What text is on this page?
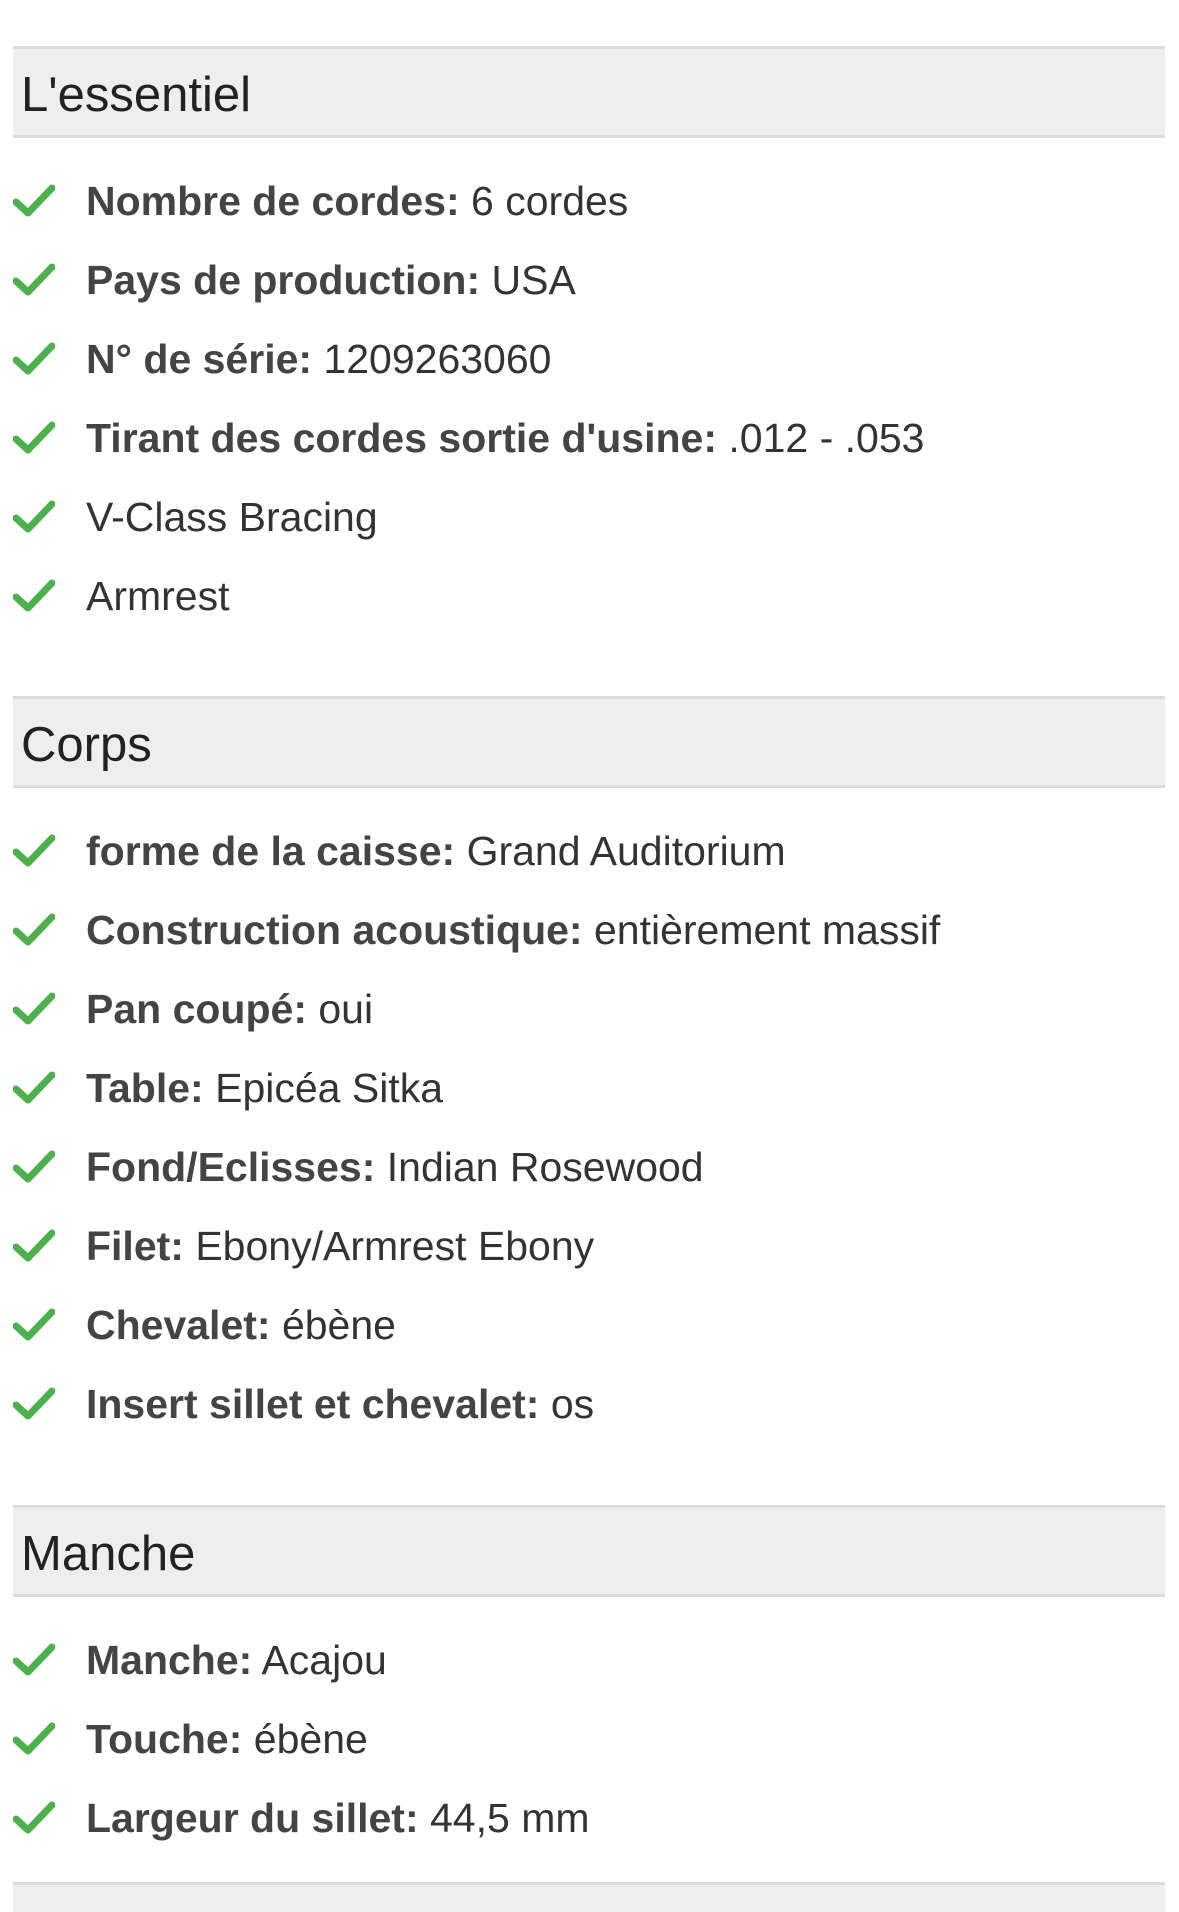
L'essentiel
Nombre de cordes: 6 cordes
Pays de production: USA
N° de série: 1209263060
Tirant des cordes sortie d'usine: .012 - .053
V-Class Bracing
Armrest
Corps
forme de la caisse: Grand Auditorium
Construction acoustique: entièrement massif
Pan coupé: oui
Table: Epicéa Sitka
Fond/Eclisses: Indian Rosewood
Filet: Ebony/Armrest Ebony
Chevalet: ébène
Insert sillet et chevalet: os
Manche
Manche: Acajou
Touche: ébène
Largeur du sillet: 44,5 mm
